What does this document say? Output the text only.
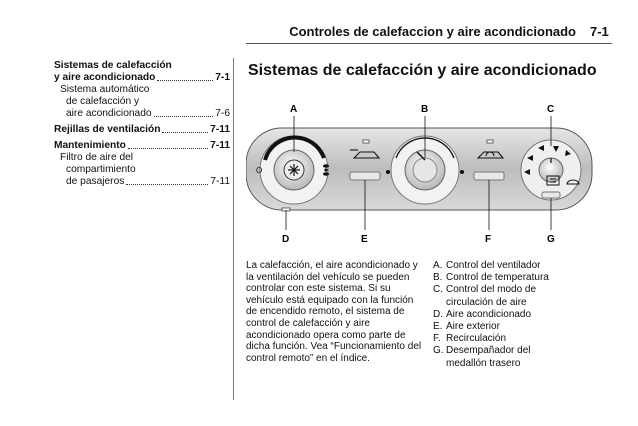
Controles de calefaccion y aire acondicionado 7-1
Sistemas de calefacción
y aire acondicionado	7-1
Sistema automático
de calefacción y
aire acondicionado	7-6
Rejillas de ventilación	7-11
Mantenimiento	7-11
Filtro de aire del
compartimiento
de pasajeros	7-11
Sistemas de calefacción y aire acondicionado
O
A	B	C
D	E	F	G
La calefacción, el aire acondicionado y la ventilación del vehículo se pueden controlar con este sistema. Si su vehículo está equipado con la función de encendido remoto, el sistema de control de calefacción y aire acondicionado opera como parte de dicha función. Vea “Funcionamiento del control remoto” en el índice.
A. Control del ventilador
B. Control de temperatura
C. Control del modo de circulación de aire
D. Aire acondicionado
E. Aire exterior
F. Recirculación
G. Desempañador del medallón trasero
